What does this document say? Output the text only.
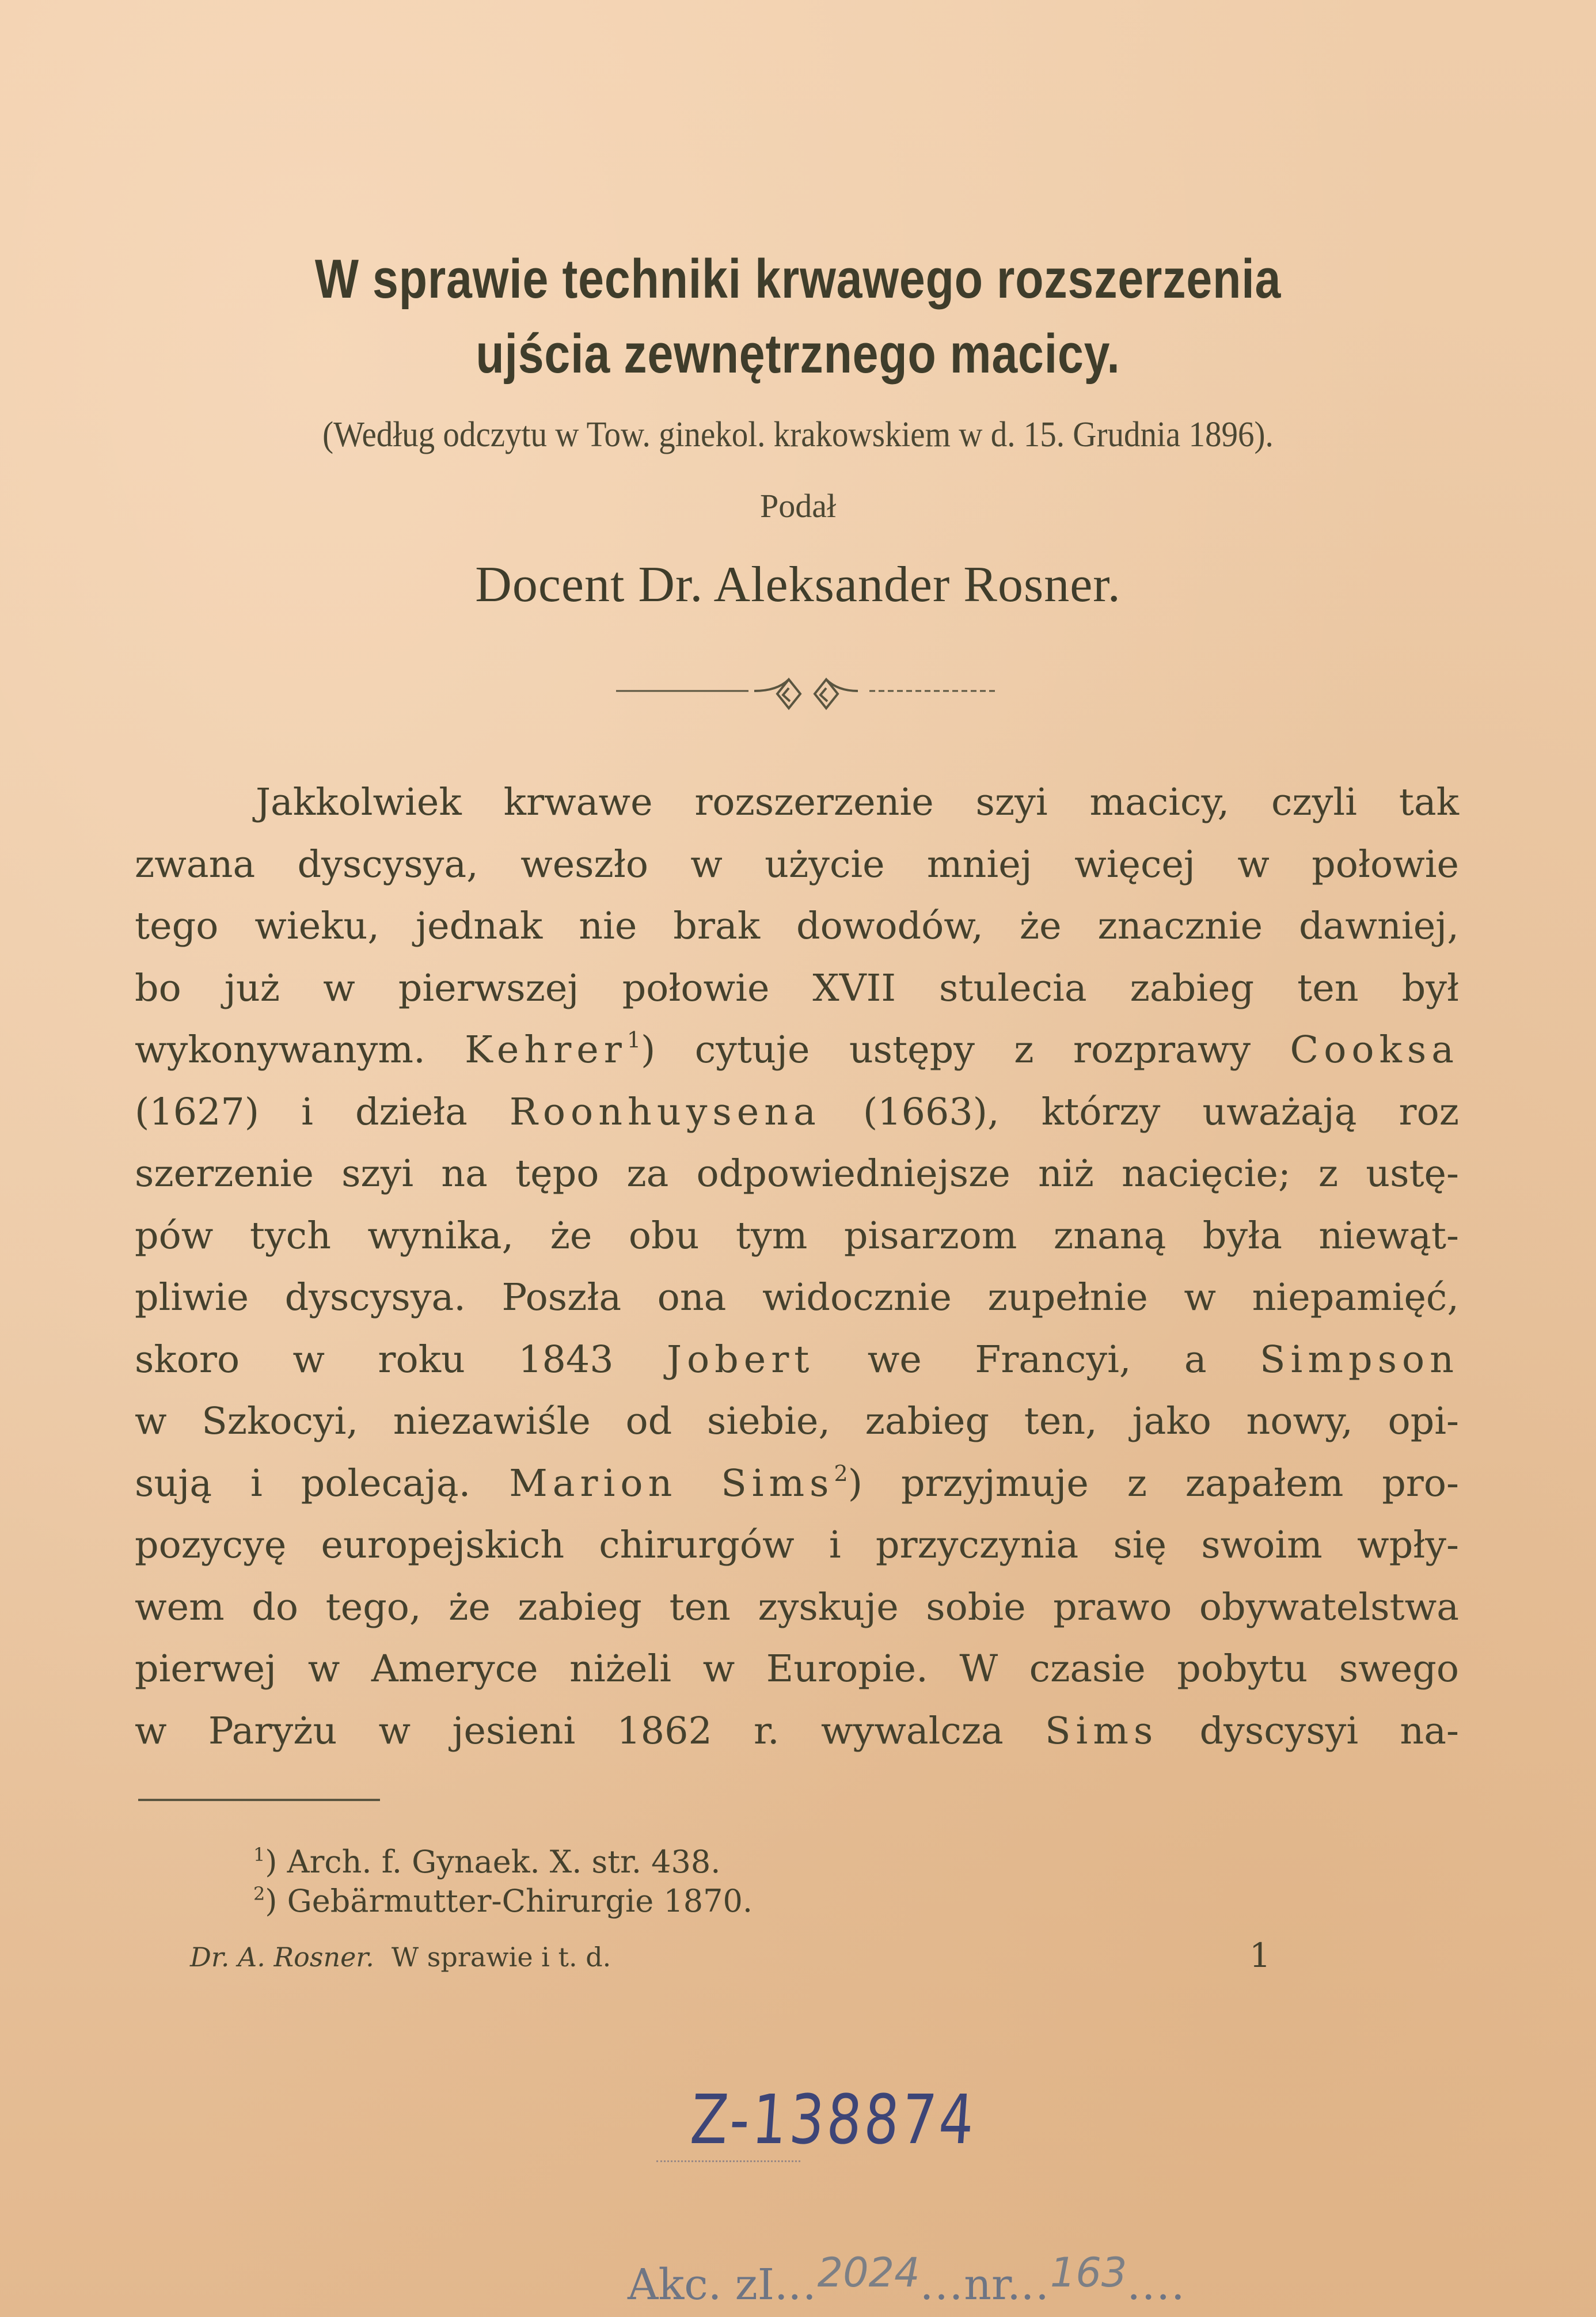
W sprawie techniki krwawego rozszerzenia
ujścia zewnętrznego macicy.
(Według odczytu w Tow. ginekol. krakowskiem w d. 15. Grudnia 1896).
Podał
Docent Dr. Aleksander Rosner.
Jakkolwiek krwawe rozszerzenie szyi macicy, czyli tak
zwana dyscysya, weszło w użycie mniej więcej w połowie
tego wieku, jednak nie brak dowodów, że znacznie dawniej,
bo już w pierwszej połowie XVII stulecia zabieg ten był
wykonywanym. Kehrer$^1$) cytuje ustępy z rozprawy Cooksa
(1627) i dzieła Roonhuysena (1663), którzy uważają roz
szerzenie szyi na tępo za odpowiedniejsze niż nacięcie; z ustę-
pów tych wynika, że obu tym pisarzom znaną była niewąt-
pliwie dyscysya. Poszła ona widocznie zupełnie w niepamięć,
skoro w roku 1843 Jobert we Francyi, a Simpson
w Szkocyi, niezawiśle od siebie, zabieg ten, jako nowy, opi-
sują i polecają. Marion Sims$^2$) przyjmuje z zapałem pro-
pozycyę europejskich chirurgów i przyczynia się swoim wpły-
wem do tego, że zabieg ten zyskuje sobie prawo obywatelstwa
pierwej w Ameryce niżeli w Europie. W czasie pobytu swego
w Paryżu w jesieni 1862 r. wywalcza Sims dyscysyi na-
$^1$) Arch. f. Gynaek. X. str. 438.
$^2$) Gebärmutter-Chirurgie 1870.
Dr. A. Rosner. W sprawie i t. d.	1
Z-138874
Akc. zI...2024...nr...163....
